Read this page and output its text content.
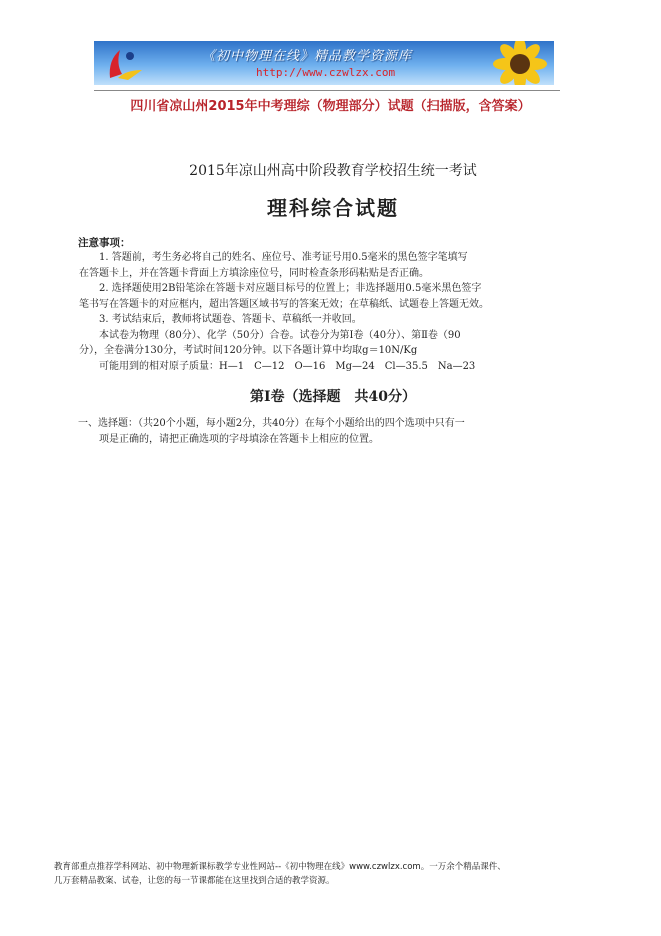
《初中物理在线》精品教学资源库
http://www.czwlzx.com
四川省凉山州2015年中考理综（物理部分）试题（扫描版，含答案）
2015年凉山州高中阶段教育学校招生统一考试
理科综合试题
注意事项：

1. 答题前，考生务必将自己的姓名、座位号、准考证号用0.5毫米的黑色签字笔填写

在答题卡上，并在答题卡背面上方填涂座位号，同时检查条形码粘贴是否正确。

2. 选择题使用2B铅笔涂在答题卡对应题目标号的位置上；非选择题用0.5毫米黑色签字

笔书写在答题卡的对应框内，超出答题区域书写的答案无效；在草稿纸、试题卷上答题无效。

3. 考试结束后，教师将试题卷、答题卡、草稿纸一并收回。

本试卷为物理（80分）、化学（50分）合卷。试卷分为第Ⅰ卷（40分）、第Ⅱ卷（90

分），全卷满分130分，考试时间120分钟。以下各题计算中均取g＝10N/Kg

可能用到的相对原子质量：H—1　C—12　O—16　Mg—24　Cl—35.5　Na—23

第Ⅰ卷（选择题　共40分）

一、选择题：（共20个小题，每小题2分，共40分）在每个小题给出的四个选项中只有一

项是正确的，请把正确选项的字母填涂在答题卡上相应的位置。

教育部重点推荐学科网站、初中物理新课标教学专业性网站--《初中物理在线》www.czwlzx.com。一万余个精品课件、
几万套精品教案、试卷，让您的每一节课都能在这里找到合适的教学资源。
